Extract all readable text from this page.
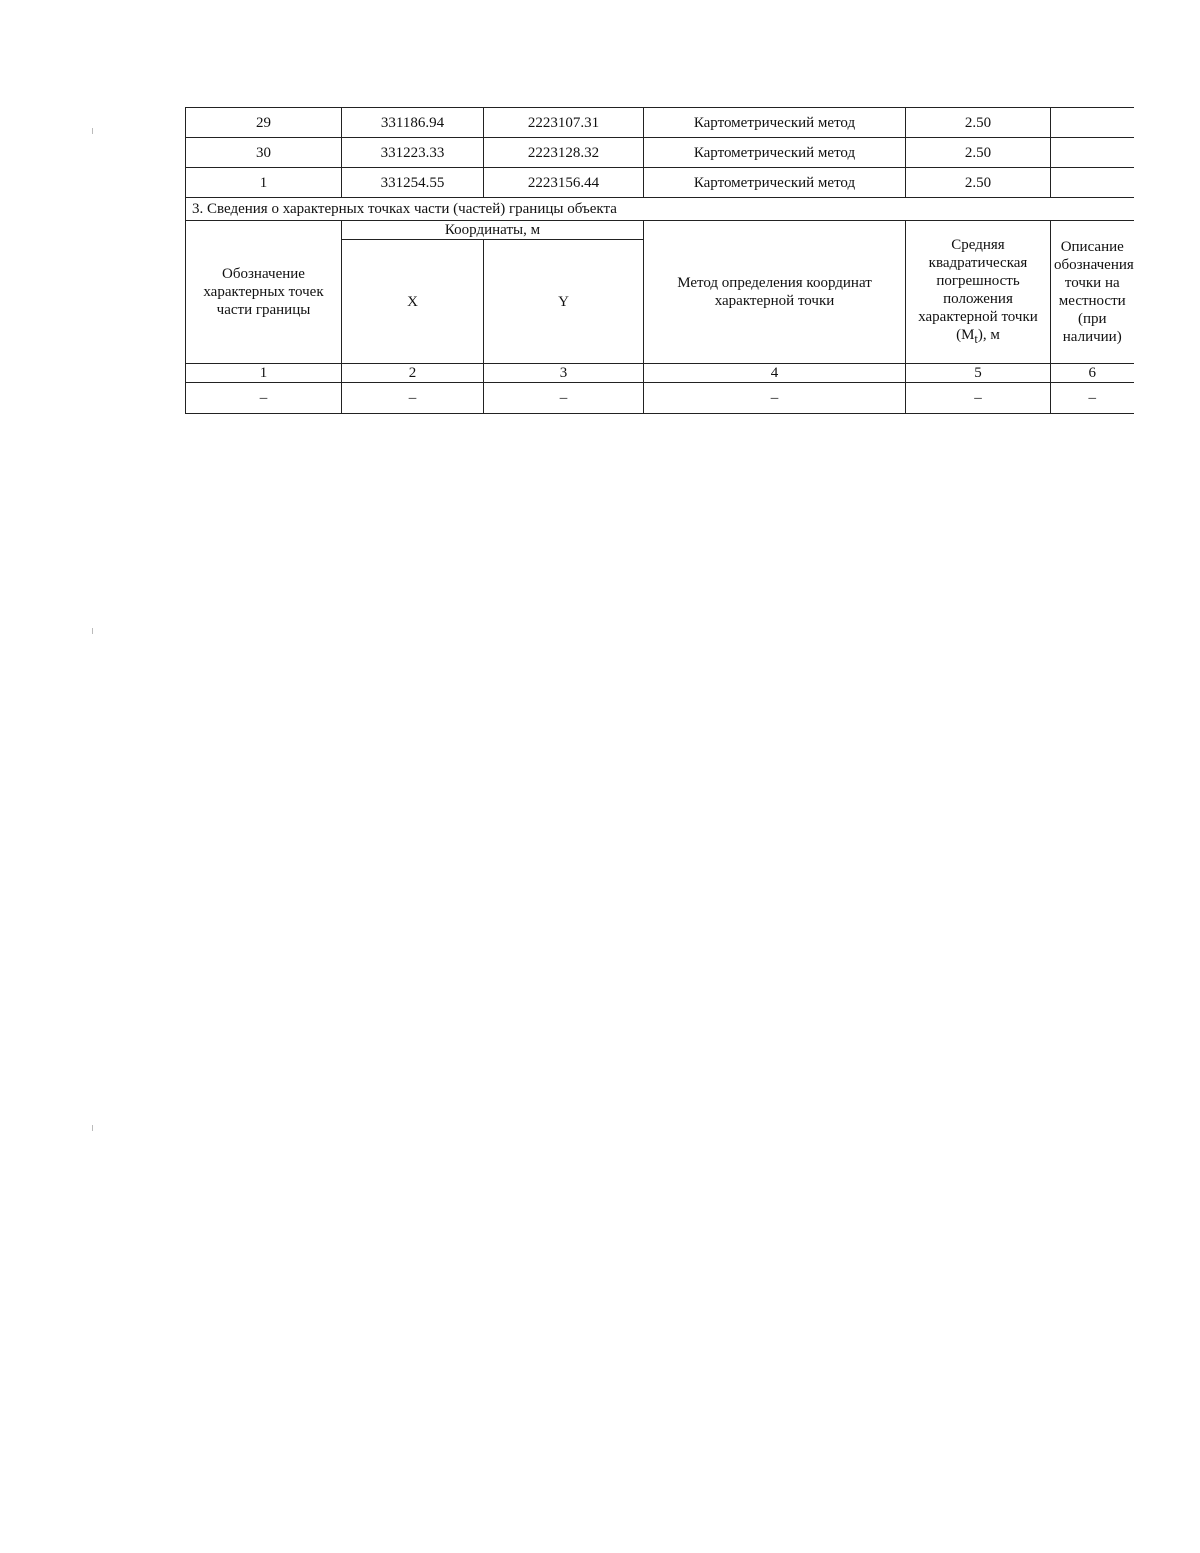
29	331186.94	2223107.31	Картометрический метод	2.50	
30	331223.33	2223128.32	Картометрический метод	2.50	
1	331254.55	2223156.44	Картометрический метод	2.50	
3. Сведения о характерных точках части (частей) границы объекта					
Обозначение характерных точек части границы	Координаты, м		Метод определения координат характерной точки	Средняя квадратическая погрешность положения характерной точки $(M_t)$, м	Описание обозначения точки на местности (при наличии)
	X	Y			
1	2	3	4	5	6
–	–	–	–	–	–
